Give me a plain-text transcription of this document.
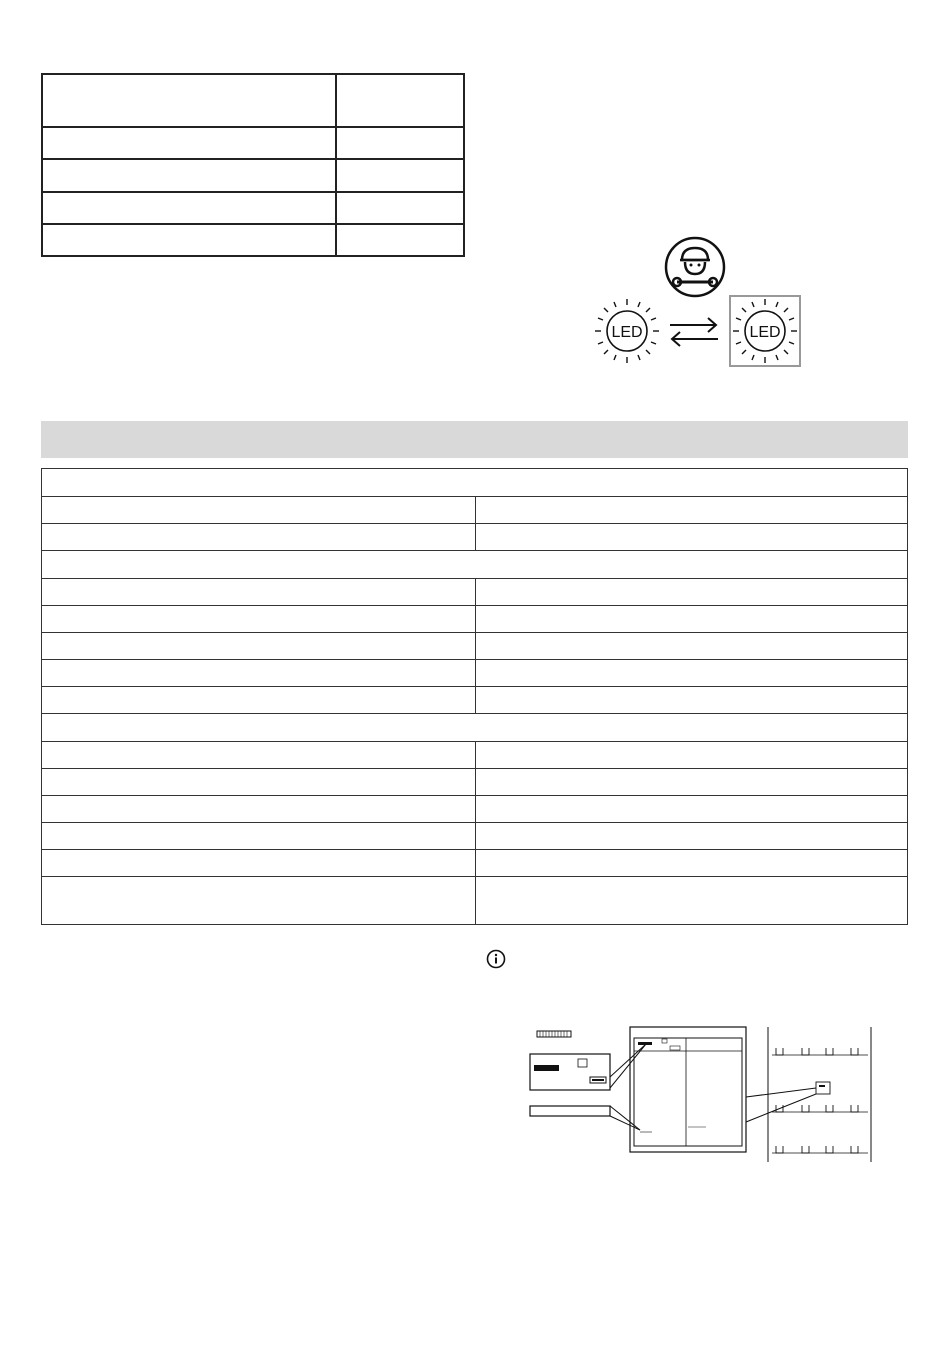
LED	LED
